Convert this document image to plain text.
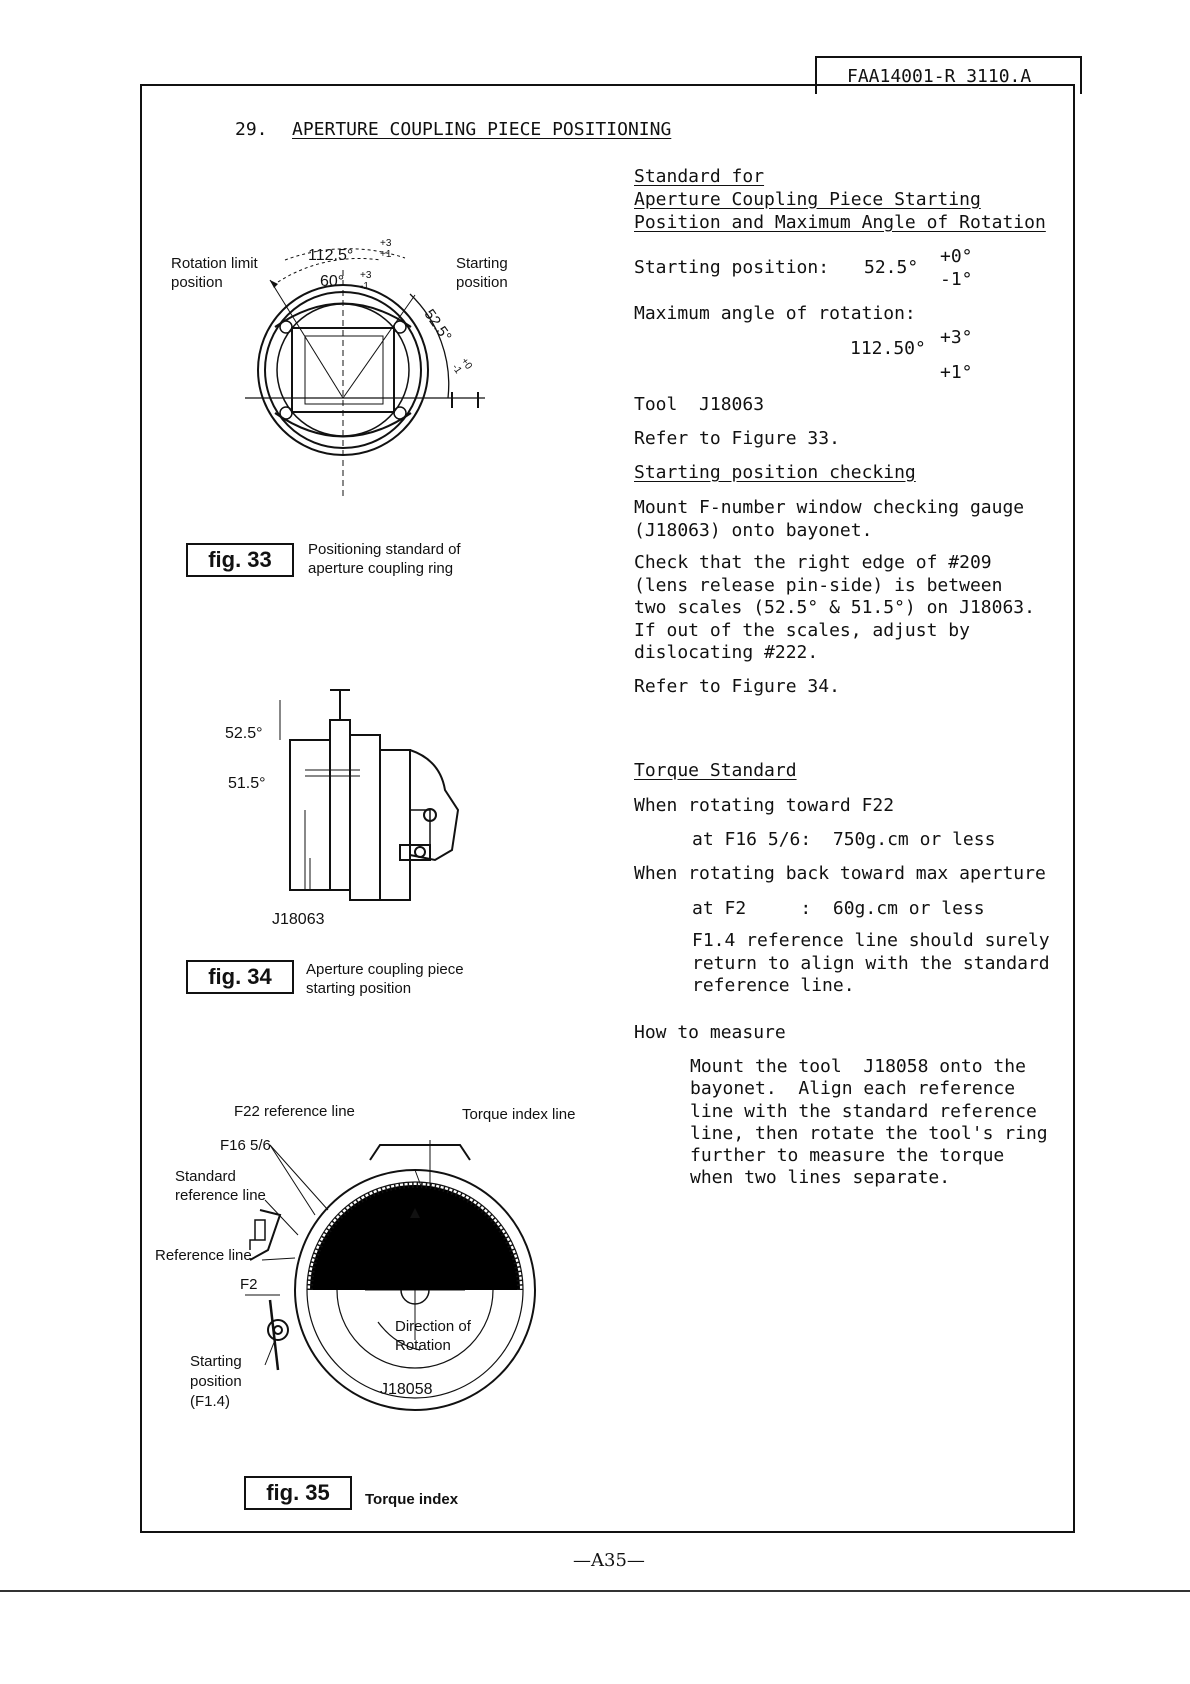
FAA14001-R 3110.A
29. APERTURE COUPLING PIECE POSITIONING
Standard for
Aperture Coupling Piece Starting
Position and Maximum Angle of Rotation
Starting position: 52.5°
+0°
-1°
Maximum angle of rotation:
112.50°
+3°
+1°
Tool  J18063
Refer to Figure 33.
Starting position checking
Mount F-number window checking gauge
(J18063) onto bayonet.
Check that the right edge of #209
(lens release pin-side) is between
two scales (52.5° & 51.5°) on J18063.
If out of the scales, adjust by
dislocating #222.
Refer to Figure 34.
Torque Standard
When rotating toward F22
at F16 5/6:  750g.cm or less
When rotating back toward max aperture
at F2     :  60g.cm or less
F1.4 reference line should surely
return to align with the standard
reference line.
How to measure
Mount the tool  J18058 onto the
bayonet.  Align each reference
line with the standard reference
line, then rotate the tool's ring
further to measure the torque
when two lines separate.
Rotation limit
position
Starting
position
112.5°
+3
+1
60° +3
-1
52.5°
+0
-1
fig. 33	Positioning standard of
aperture coupling ring
52.5°
51.5°
J18063
fig. 34	Aperture coupling piece
starting position
F22 reference line	Torque index line
F16 5/6
Standard
reference line
Reference line
F2
Starting
position
(F1.4)
Direction of
Rotation
J18058
fig. 35	Torque index
—A35—
